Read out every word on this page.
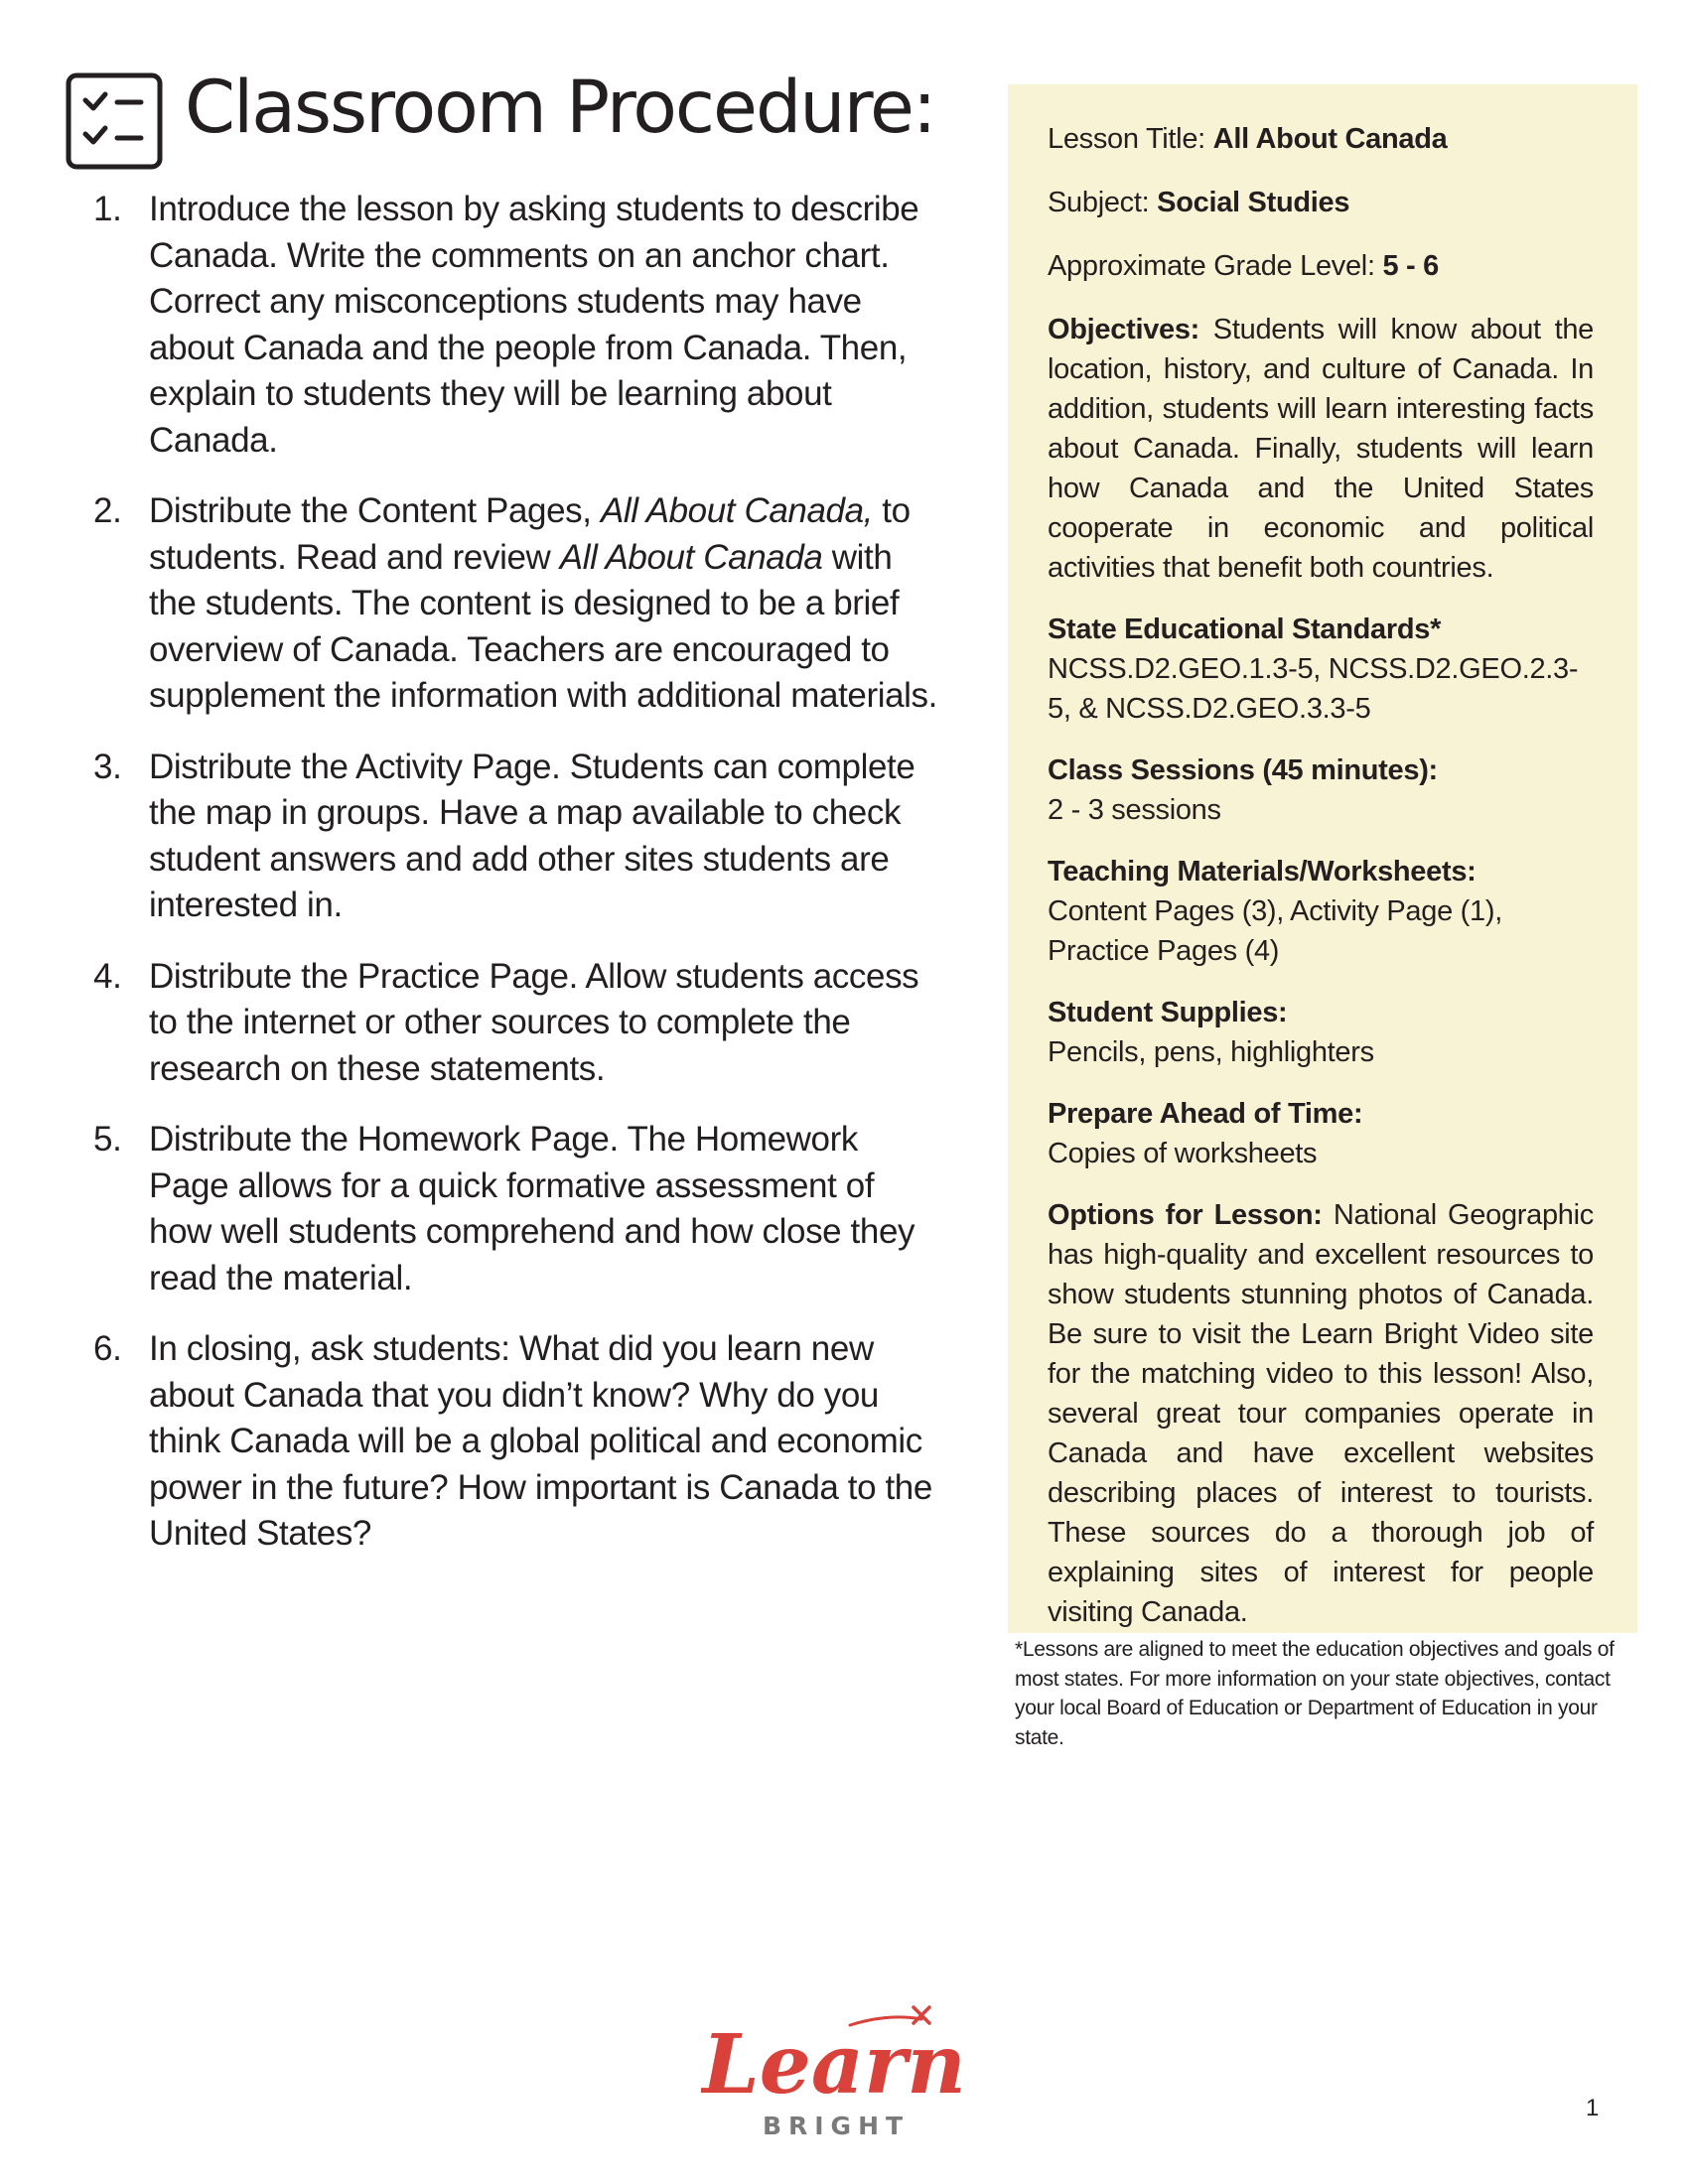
Classroom Procedure:
1 . Introduce the lesson by asking students to describe Canada. Write the comments on an anchor chart. Correct any misconceptions students may have about Canada and the people from Canada. Then, explain to students they will be learning about Canada.
2 . Distribute the Content Pages, All About Canada, to students. Read and review All About Canada with the students. The content is designed to be a brief overview of Canada. Teachers are encouraged to supplement the information with additional materials.
3 . Distribute the Activity Page. Students can complete the map in groups. Have a map available to check student answers and add other sites students are interested in.
4 . Distribute the Practice Page. Allow students access to the internet or other sources to complete the research on these statements.
5 . Distribute the Homework Page. The Homework Page allows for a quick formative assessment of how well students comprehend and how close they read the material.
6 . In closing, ask students: What did you learn new about Canada that you didn’t know? Why do you think Canada will be a global political and economic power in the future? How important is Canada to the United States?

Lesson Title: All About Canada

Subject: Social Studies

Approximate Grade Level: 5 - 6

Objectives: Students will know about the location, history, and culture of Canada. In addition, students will learn interesting facts about Canada. Finally, students will learn how Canada and the United States cooperate in economic and political activities that benefit both countries.

State Educational Standards*
NCSS.D2.GEO.1.3-5, NCSS.D2.GEO.2.3-5, & NCSS.D2.GEO.3.3-5
Class Sessions (45 minutes):
2 - 3 sessions
Teaching Materials/Worksheets:
Content Pages (3), Activity Page (1), Practice Pages (4)
Student Supplies:
Pencils, pens, highlighters
Prepare Ahead of Time:
Copies of worksheets

Options for Lesson: National Geographic has high-quality and excellent resources to show students stunning photos of Canada. Be sure to visit the Learn Bright Video site for the matching video to this lesson! Also, several great tour companies operate in Canada and have excellent websites describing places of interest to tourists. These sources do a thorough job of explaining sites of interest for people visiting Canada.

*Lessons are aligned to meet the education objectives and goals of most states. For more information on your state objectives, contact your local Board of Education or Department of Education in your state.
Learn
BRIGHT
1
